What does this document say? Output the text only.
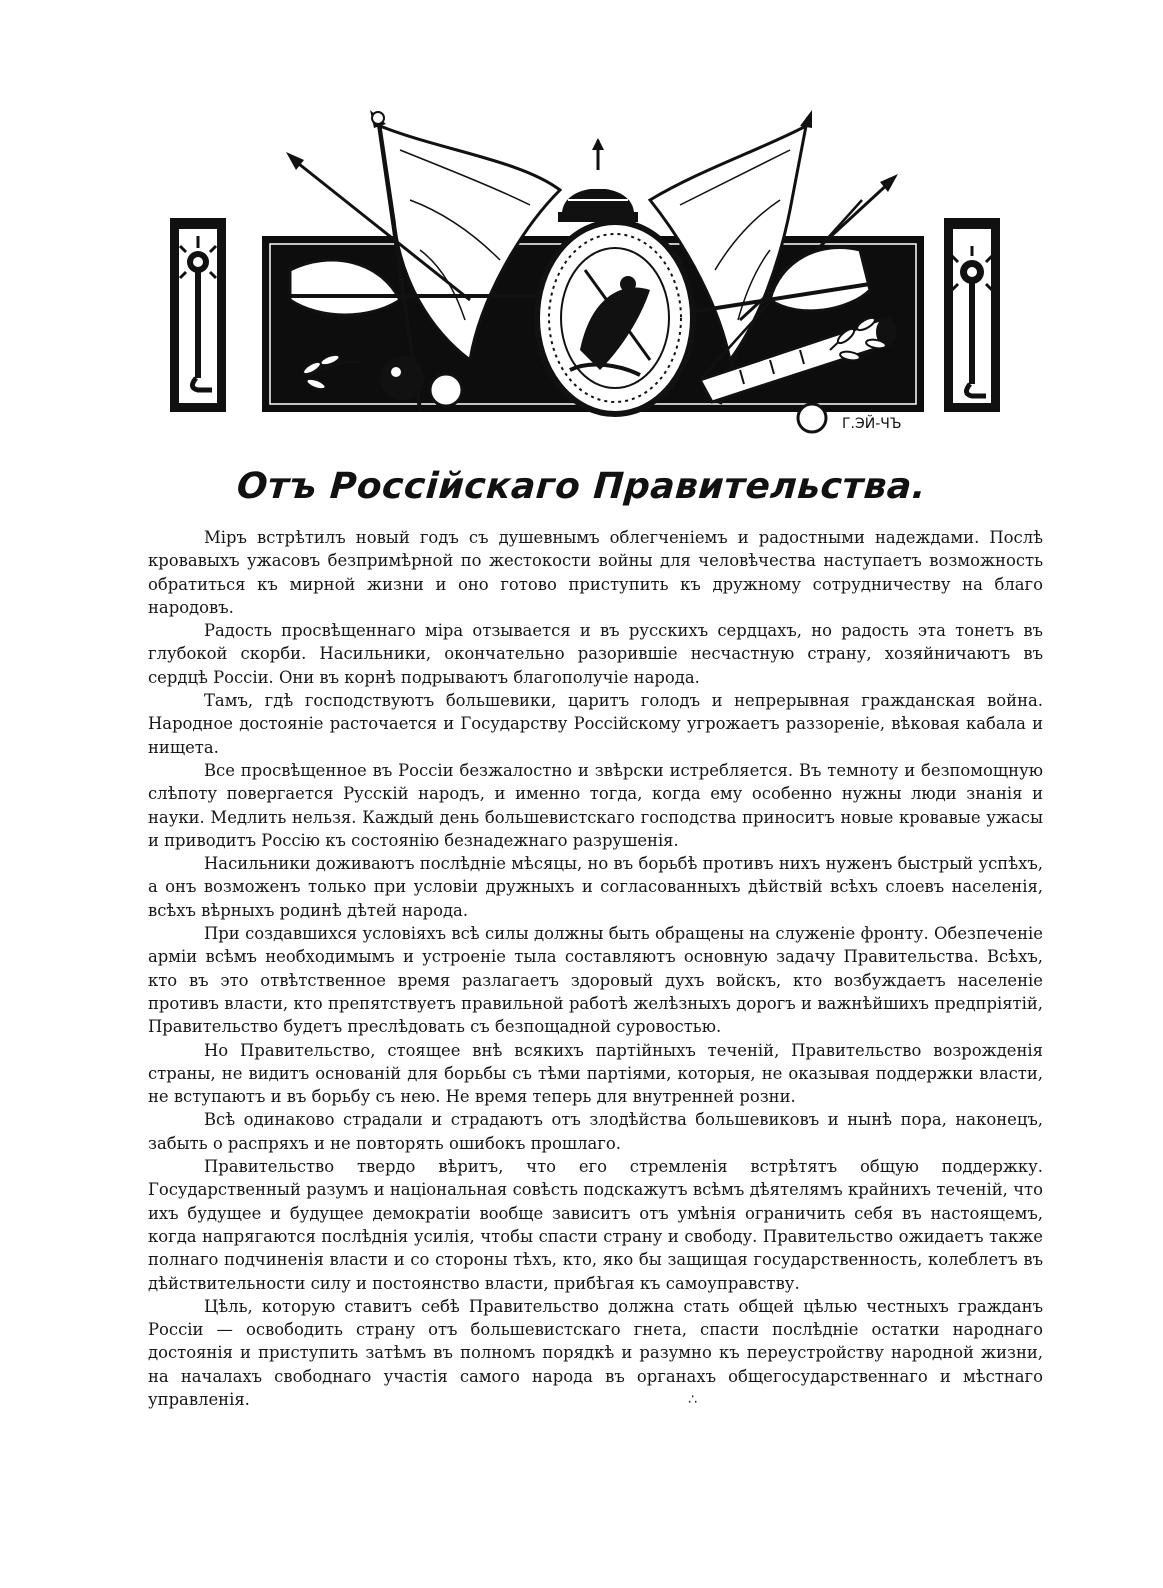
Г.ЭЙ-ЧЪ
Отъ Россійскаго Правительства.

Міръ встрѣтилъ новый годъ съ душевнымъ облегченіемъ и радостными надеждами. Послѣ кровавыхъ ужасовъ безпримѣрной по жестокости войны для человѣчества наступаетъ возможность обратиться къ мирной жизни и оно готово приступить къ дружному сотрудничеству на благо народовъ.

Радость просвѣщеннаго міра отзывается и въ русскихъ сердцахъ, но радость эта тонетъ въ глубокой скорби. Насильники, окончательно разорившіе несчастную страну, хозяйничаютъ въ сердцѣ Россіи. Они въ корнѣ подрываютъ благополучіе народа.

Тамъ, гдѣ господствуютъ большевики, царитъ голодъ и непрерывная гражданская война. Народное достояніе расточается и Государству Россійскому угрожаетъ раззореніе, вѣковая кабала и нищета.

Все просвѣщенное въ Россіи безжалостно и звѣрски истребляется. Въ темноту и безпомощную слѣпоту повергается Русскій народъ, и именно тогда, когда ему особенно нужны люди знанія и науки. Медлить нельзя. Каждый день большевистскаго господства приноситъ новые кровавые ужасы и приводитъ Россію къ состоянію безнадежнаго разрушенія.

Насильники доживаютъ послѣдніе мѣсяцы, но въ борьбѣ противъ нихъ нуженъ быстрый успѣхъ, а онъ возможенъ только при условіи дружныхъ и согласованныхъ дѣйствій всѣхъ слоевъ населенія, всѣхъ вѣрныхъ родинѣ дѣтей народа.

При создавшихся условіяхъ всѣ силы должны быть обращены на служеніе фронту. Обезпеченіе арміи всѣмъ необходимымъ и устроеніе тыла составляютъ основную задачу Правительства. Всѣхъ, кто въ это отвѣтственное время разлагаетъ здоровый духъ войскъ, кто возбуждаетъ населеніе противъ власти, кто препятствуетъ правильной работѣ желѣзныхъ дорогъ и важнѣйшихъ предпріятій, Правительство будетъ преслѣдовать съ безпощадной суровостью.

Но Правительство, стоящее внѣ всякихъ партійныхъ теченій, Правительство возрожденія страны, не видитъ основаній для борьбы съ тѣми партіями, которыя, не оказывая поддержки власти, не вступаютъ и въ борьбу съ нею. Не время теперь для внутренней розни.

Всѣ одинаково страдали и страдаютъ отъ злодѣйства большевиковъ и нынѣ пора, наконецъ, забыть о распряхъ и не повторять ошибокъ прошлаго.

Правительство твердо вѣритъ, что его стремленія встрѣтятъ общую поддержку. Государственный разумъ и національная совѣсть подскажутъ всѣмъ дѣятелямъ крайнихъ теченій, что ихъ будущее и будущее демократіи вообще зависитъ отъ умѣнія ограничить себя въ настоящемъ, когда напрягаются послѣднія усилія, чтобы спасти страну и свободу. Правительство ожидаетъ также полнаго подчиненія власти и со стороны тѣхъ, кто, яко бы защищая государственность, колеблетъ въ дѣйствительности силу и постоянство власти, прибѣгая къ самоуправству.

Цѣль, которую ставитъ себѣ Правительство должна стать общей цѣлью честныхъ гражданъ Россіи — освободить страну отъ большевистскаго гнета, спасти послѣдніе остатки народнаго достоянія и приступить затѣмъ въ полномъ порядкѣ и разумно къ переустройству народной жизни, на началахъ свободнаго участія самого народа въ органахъ общегосударственнаго и мѣстнаго управленія.	∴
